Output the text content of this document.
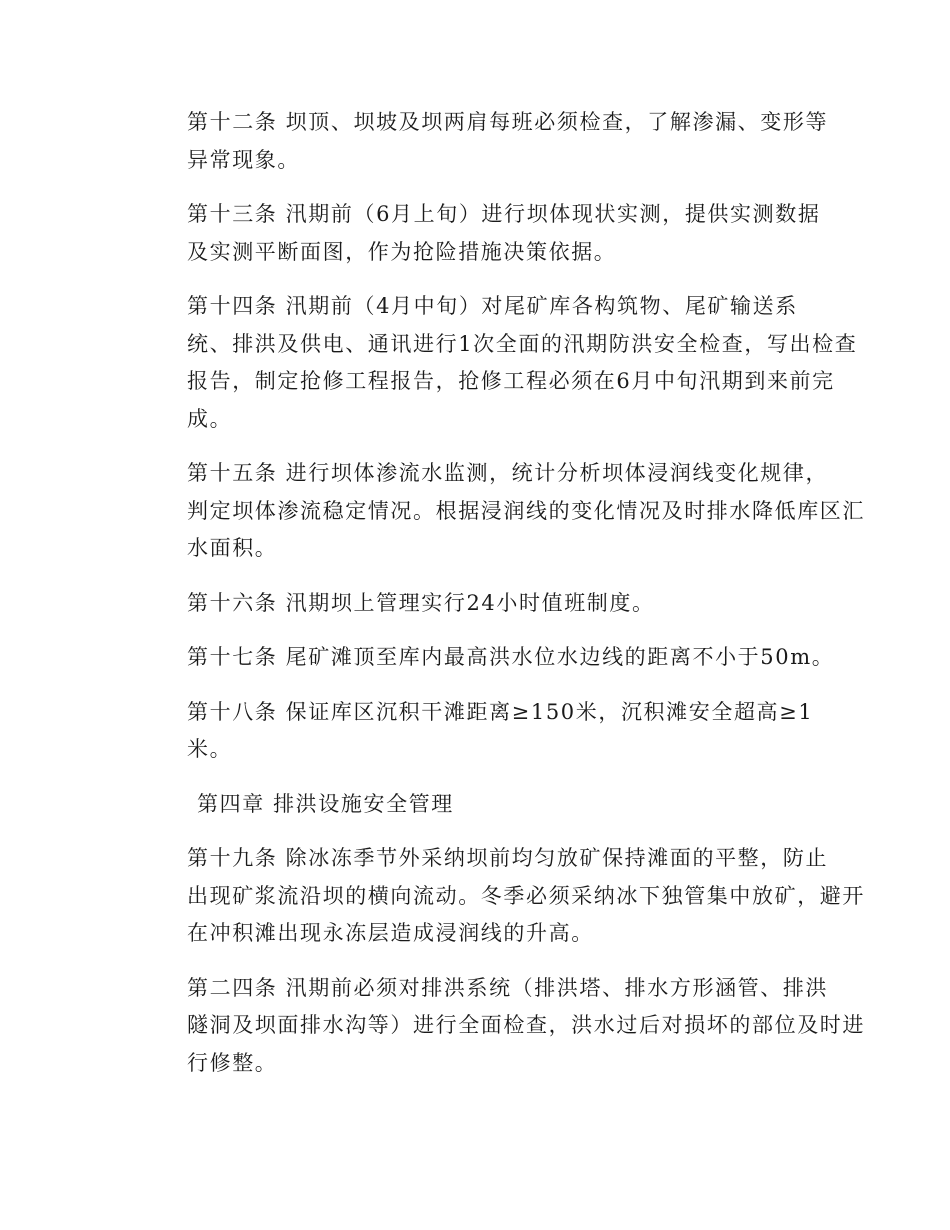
第十二条 坝顶、坝坡及坝两肩每班必须检查，了解渗漏、变形等
异常现象。
第十三条 汛期前（6月上旬）进行坝体现状实测，提供实测数据
及实测平断面图，作为抢险措施决策依据。
第十四条 汛期前（4月中旬）对尾矿库各构筑物、尾矿输送系
统、排洪及供电、通讯进行1次全面的汛期防洪安全检查，写出检查
报告，制定抢修工程报告，抢修工程必须在6月中旬汛期到来前完
成。
第十五条 进行坝体渗流水监测，统计分析坝体浸润线变化规律，
判定坝体渗流稳定情况。根据浸润线的变化情况及时排水降低库区汇
水面积。
第十六条 汛期坝上管理实行24小时值班制度。
第十七条 尾矿滩顶至库内最高洪水位水边线的距离不小于50m。
第十八条 保证库区沉积干滩距离≥150米，沉积滩安全超高≥1
米。
第四章 排洪设施安全管理
第十九条 除冰冻季节外采纳坝前均匀放矿保持滩面的平整，防止
出现矿浆流沿坝的横向流动。冬季必须采纳冰下独管集中放矿，避开
在冲积滩出现永冻层造成浸润线的升高。
第二四条 汛期前必须对排洪系统（排洪塔、排水方形涵管、排洪
隧洞及坝面排水沟等）进行全面检查，洪水过后对损坏的部位及时进
行修整。
